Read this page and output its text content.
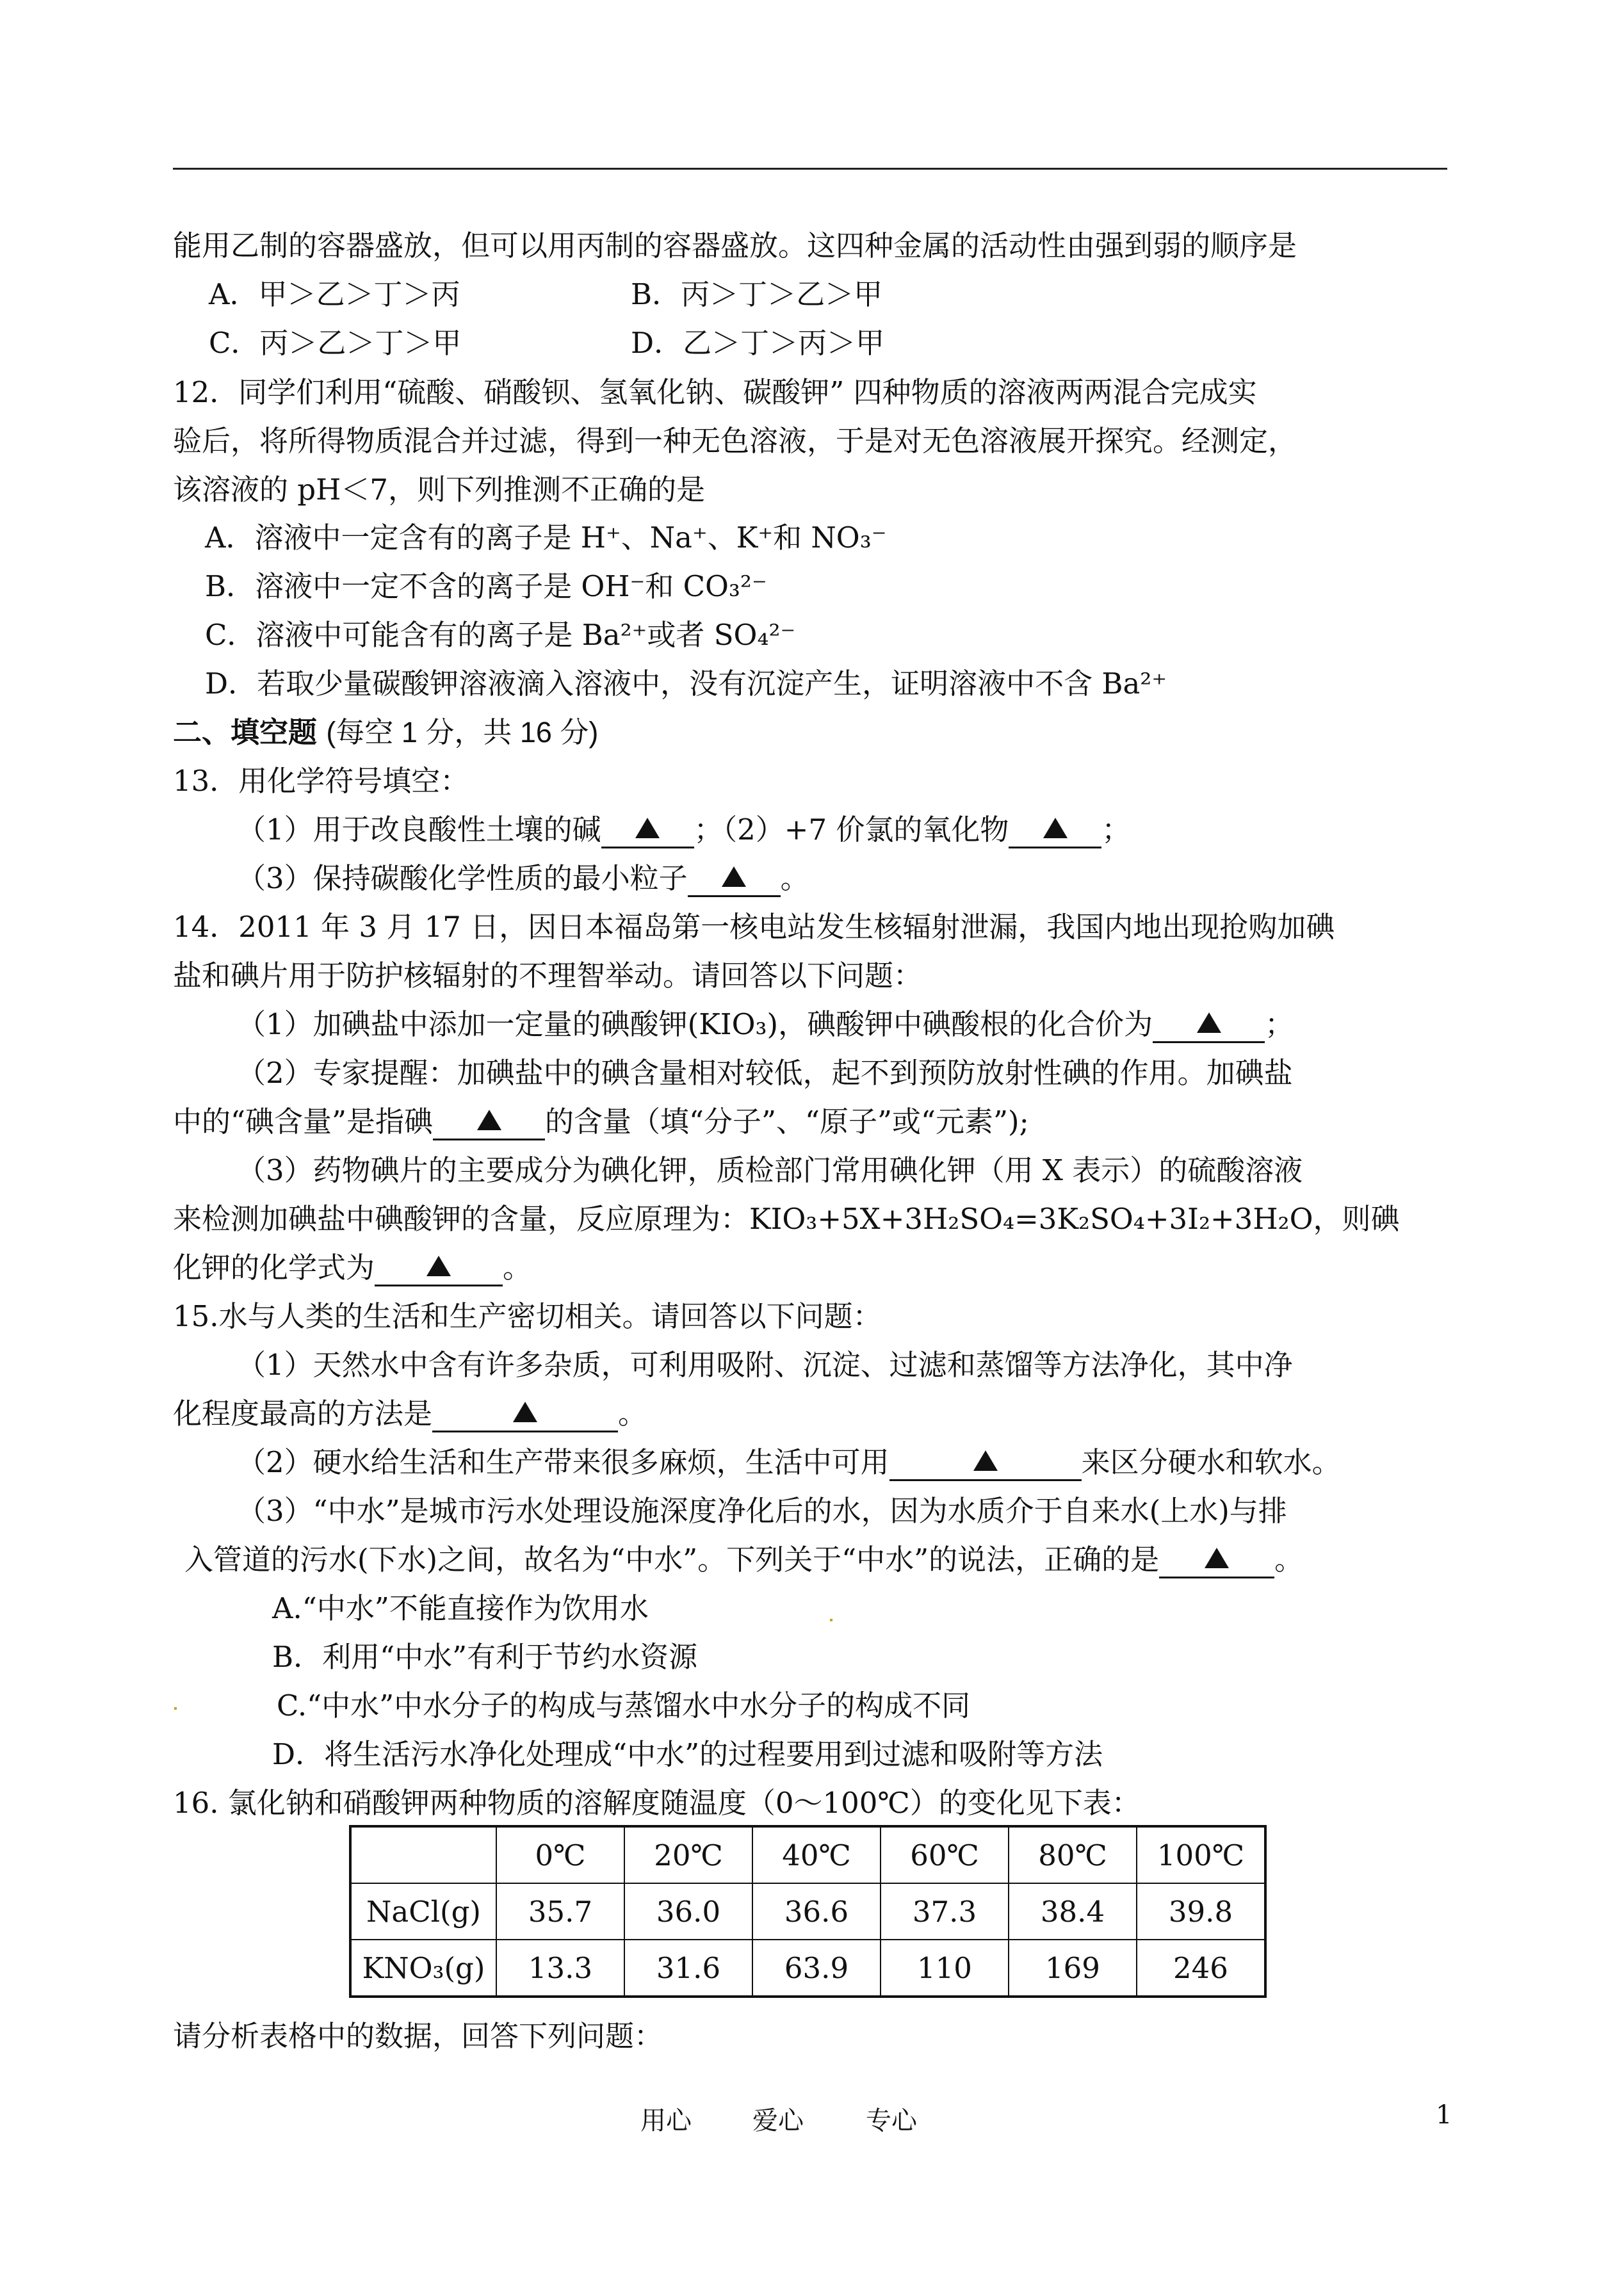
能用乙制的容器盛放，但可以用丙制的容器盛放。这四种金属的活动性由强到弱的顺序是
A．甲＞乙＞丁＞丙	B．丙＞丁＞乙＞甲
C．丙＞乙＞丁＞甲	D．乙＞丁＞丙＞甲
12．同学们利用“硫酸、硝酸钡、氢氧化钠、碳酸钾” 四种物质的溶液两两混合完成实
验后，将所得物质混合并过滤，得到一种无色溶液，于是对无色溶液展开探究。经测定，
该溶液的 pH＜7，则下列推测不正确的是
A．溶液中一定含有的离子是 H⁺、Na⁺、K⁺和 NO₃⁻
B．溶液中一定不含的离子是 OH⁻和 CO₃²⁻
C．溶液中可能含有的离子是 Ba²⁺或者 SO₄²⁻
D．若取少量碳酸钾溶液滴入溶液中，没有沉淀产生，证明溶液中不含 Ba²⁺
二、填空题 (每空 1 分，共 16 分)
13．用化学符号填空：
（1）用于改良酸性土壤的碱	；（2）+7 价氯的氧化物	；
（3）保持碳酸化学性质的最小粒子	。
14．2011 年 3 月 17 日，因日本福岛第一核电站发生核辐射泄漏，我国内地出现抢购加碘
盐和碘片用于防护核辐射的不理智举动。请回答以下问题：
（1）加碘盐中添加一定量的碘酸钾(KIO₃)，碘酸钾中碘酸根的化合价为	；
（2）专家提醒：加碘盐中的碘含量相对较低，起不到预防放射性碘的作用。加碘盐
中的“碘含量”是指碘	的含量（填“分子”、“原子”或“元素”);
（3）药物碘片的主要成分为碘化钾，质检部门常用碘化钾（用 X 表示）的硫酸溶液
来检测加碘盐中碘酸钾的含量，反应原理为：KIO₃+5X+3H₂SO₄=3K₂SO₄+3I₂+3H₂O，则碘
化钾的化学式为	。
15.水与人类的生活和生产密切相关。请回答以下问题：
（1）天然水中含有许多杂质，可利用吸附、沉淀、过滤和蒸馏等方法净化，其中净
化程度最高的方法是	。
（2）硬水给生活和生产带来很多麻烦，生活中可用	来区分硬水和软水。
（3）“中水”是城市污水处理设施深度净化后的水，因为水质介于自来水(上水)与排
入管道的污水(下水)之间，故名为“中水”。下列关于“中水”的说法，正确的是	。
A.“中水”不能直接作为饮用水
B．利用“中水”有利于节约水资源
C.“中水”中水分子的构成与蒸馏水中水分子的构成不同
D．将生活污水净化处理成“中水”的过程要用到过滤和吸附等方法
16. 氯化钠和硝酸钾两种物质的溶解度随温度（0～100℃）的变化见下表：
	0℃	20℃	40℃	60℃	80℃	100℃
NaCl(g)	35.7	36.0	36.6	37.3	38.4	39.8
KNO₃(g)	13.3	31.6	63.9	110	169	246
请分析表格中的数据，回答下列问题：
用心 爱心 专心	1
